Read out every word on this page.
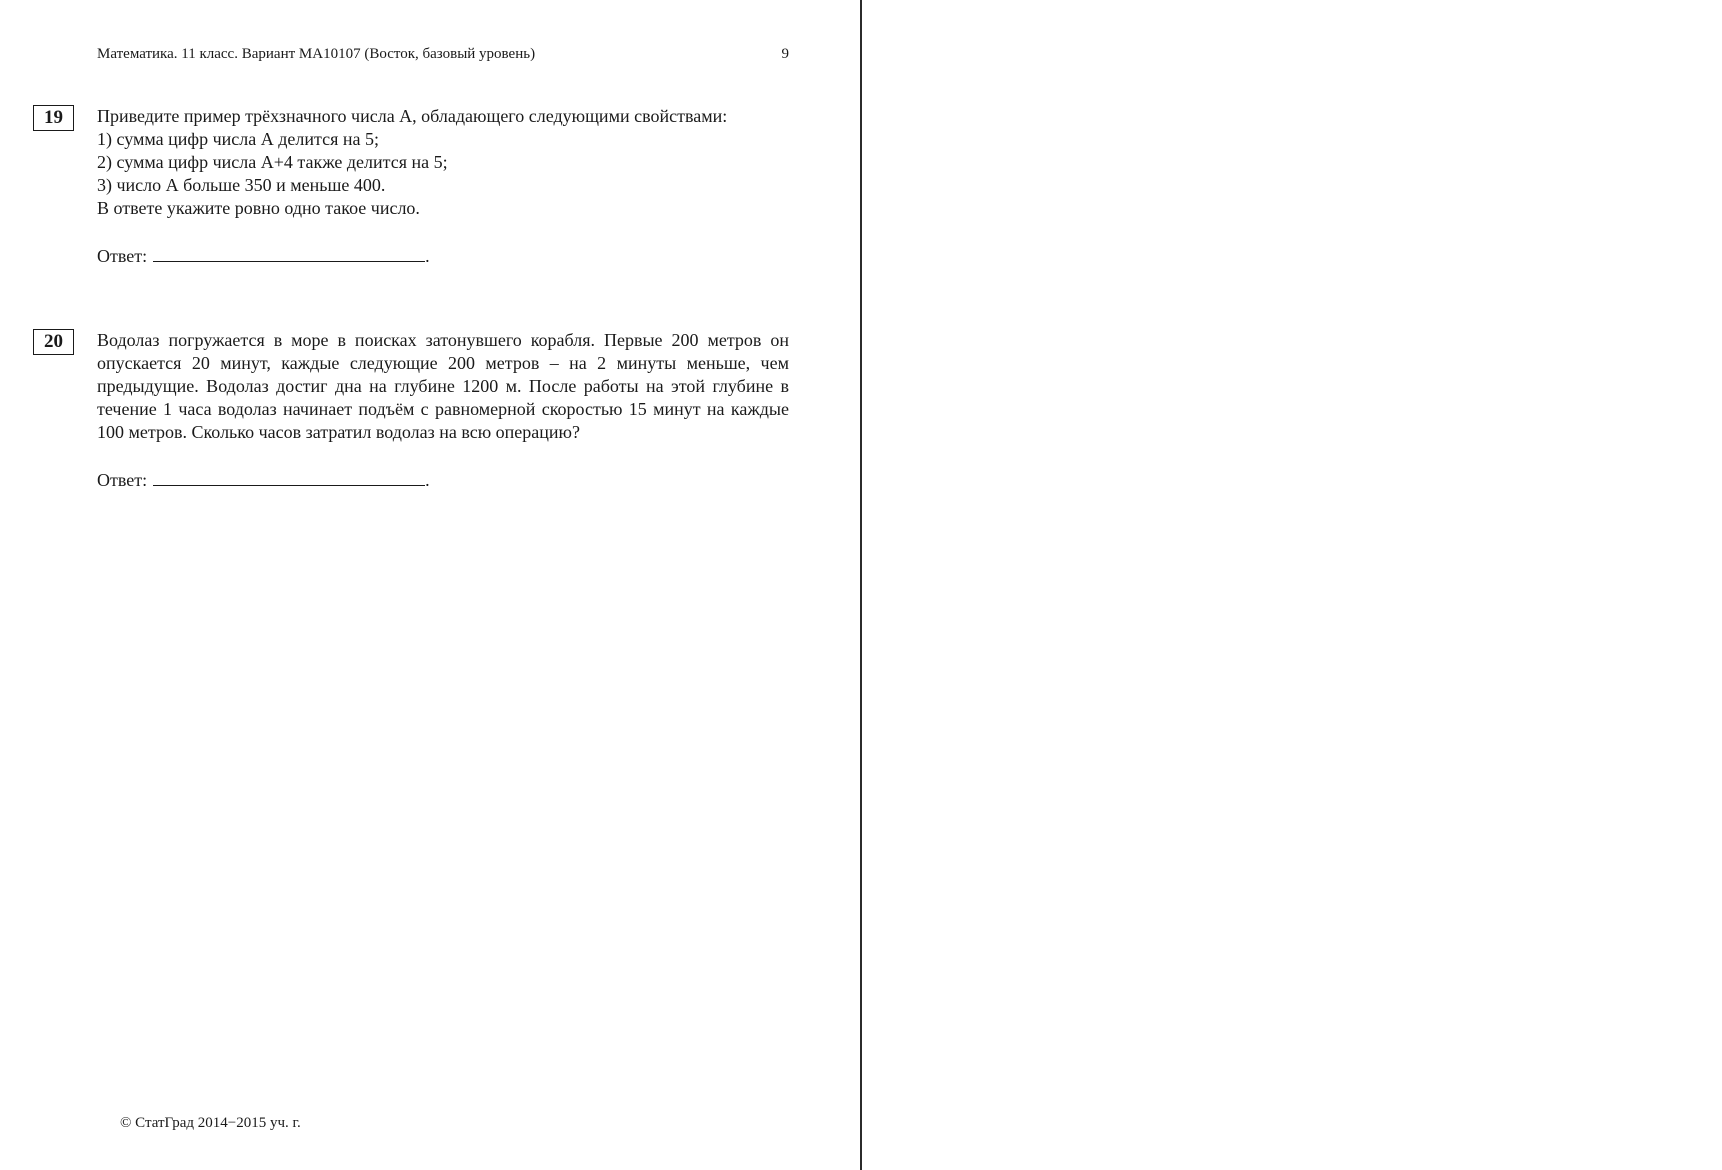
Математика. 11 класс. Вариант МА10107 (Восток, базовый уровень)	9
19	Приведите пример трёхзначного числа А, обладающего следующими свойствами:

1) сумма цифр числа А делится на 5;

2) сумма цифр числа А+4 также делится на 5;

3) число А больше 350 и меньше 400.

В ответе укажите ровно одно такое число.

Ответ:	.
20	Водолаз погружается в море в поисках затонувшего корабля. Первые 200 метров он опускается 20 минут, каждые следующие 200 метров – на 2 минуты меньше, чем предыдущие. Водолаз достиг дна на глубине 1200 м. После работы на этой глубине в течение 1 часа водолаз начинает подъём с равномерной скоростью 15 минут на каждые 100 метров. Сколько часов затратил водолаз на всю операцию?

Ответ:	.
© СтатГрад 2014−2015 уч. г.
